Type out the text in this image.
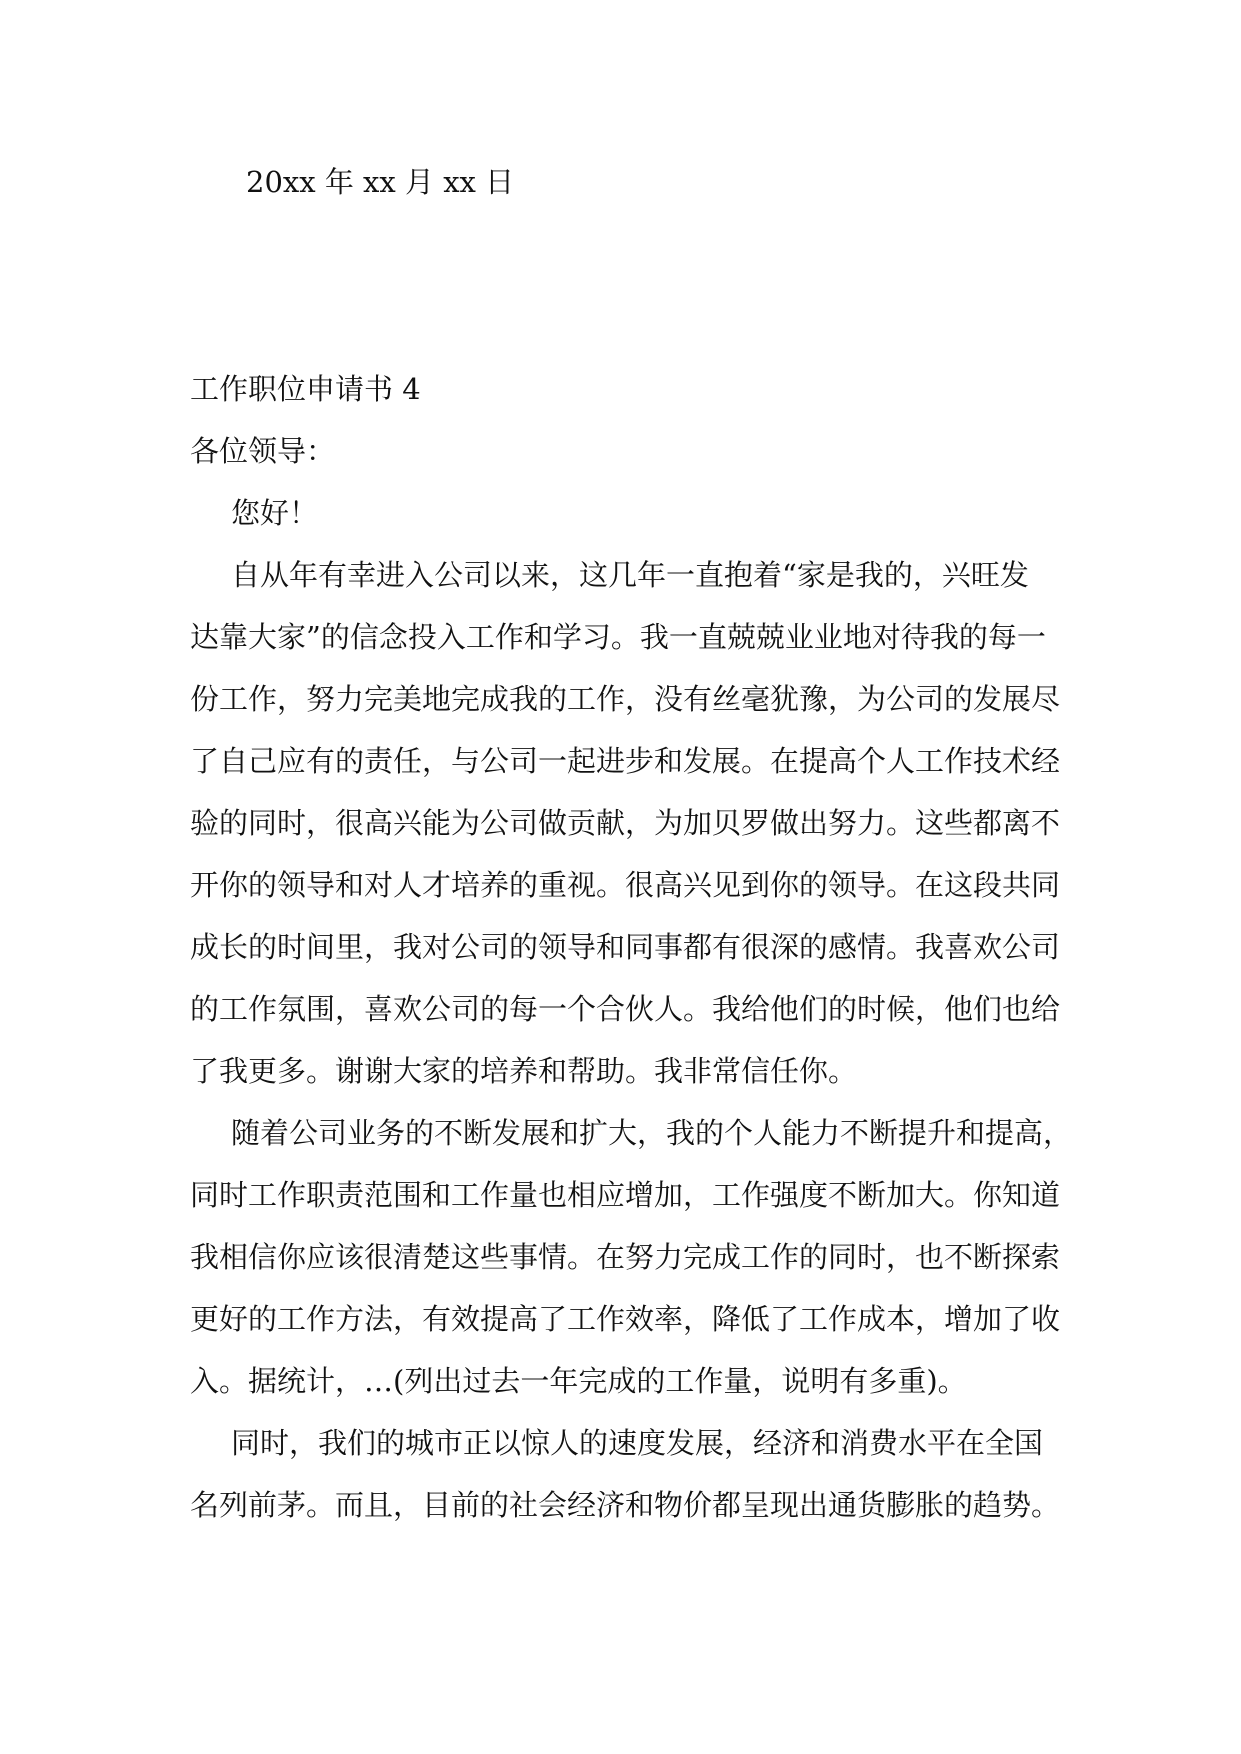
20xx 年 xx 月 xx 日
工作职位申请书 4
各位领导：
您好！
自从年有幸进入公司以来，这几年一直抱着“家是我的，兴旺发
达靠大家”的信念投入工作和学习。我一直兢兢业业地对待我的每一
份工作，努力完美地完成我的工作，没有丝毫犹豫，为公司的发展尽
了自己应有的责任，与公司一起进步和发展。在提高个人工作技术经
验的同时，很高兴能为公司做贡献，为加贝罗做出努力。这些都离不
开你的领导和对人才培养的重视。很高兴见到你的领导。在这段共同
成长的时间里，我对公司的领导和同事都有很深的感情。我喜欢公司
的工作氛围，喜欢公司的每一个合伙人。我给他们的时候，他们也给
了我更多。谢谢大家的培养和帮助。我非常信任你。
随着公司业务的不断发展和扩大，我的个人能力不断提升和提高，
同时工作职责范围和工作量也相应增加，工作强度不断加大。你知道
我相信你应该很清楚这些事情。在努力完成工作的同时，也不断探索
更好的工作方法，有效提高了工作效率，降低了工作成本，增加了收
入。据统计，…(列出过去一年完成的工作量，说明有多重)。
同时，我们的城市正以惊人的速度发展，经济和消费水平在全国
名列前茅。而且，目前的社会经济和物价都呈现出通货膨胀的趋势。
